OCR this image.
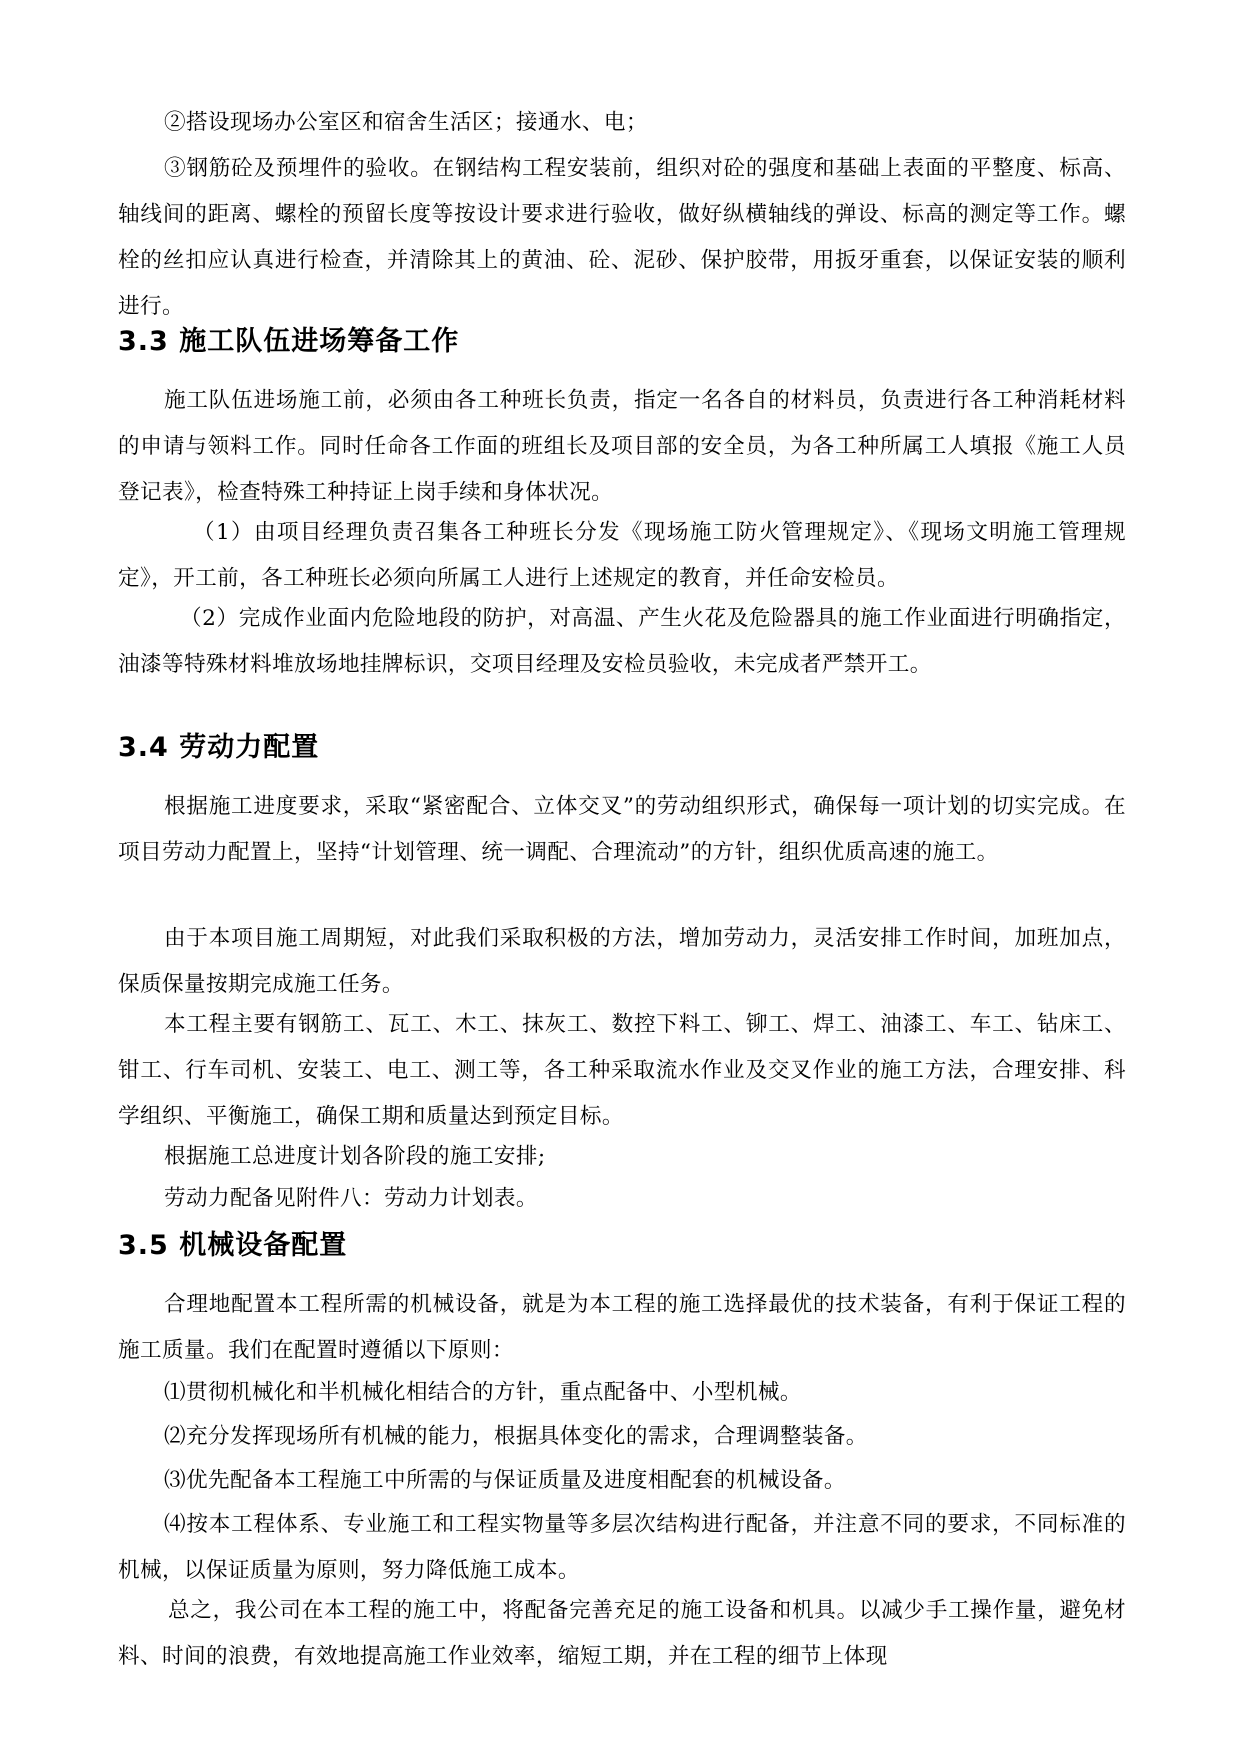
②搭设现场办公室区和宿舍生活区；接通水、电；

③钢筋砼及预埋件的验收。在钢结构工程安装前，组织对砼的强度和基础上表面的平整度、标高、轴线间的距离、螺栓的预留长度等按设计要求进行验收，做好纵横轴线的弹设、标高的测定等工作。螺栓的丝扣应认真进行检查，并清除其上的黄油、砼、泥砂、保护胶带，用扳牙重套，以保证安装的顺利进行。

3.3 施工队伍进场筹备工作

施工队伍进场施工前，必须由各工种班长负责，指定一名各自的材料员，负责进行各工种消耗材料的申请与领料工作。同时任命各工作面的班组长及项目部的安全员，为各工种所属工人填报《施工人员登记表》，检查特殊工种持证上岗手续和身体状况。

（1）由项目经理负责召集各工种班长分发《现场施工防火管理规定》、《现场文明施工管理规定》，开工前，各工种班长必须向所属工人进行上述规定的教育，并任命安检员。

（2）完成作业面内危险地段的防护，对高温、产生火花及危险器具的施工作业面进行明确指定，油漆等特殊材料堆放场地挂牌标识，交项目经理及安检员验收，未完成者严禁开工。

3.4 劳动力配置

根据施工进度要求，采取“紧密配合、立体交叉”的劳动组织形式，确保每一项计划的切实完成。在项目劳动力配置上，坚持“计划管理、统一调配、合理流动”的方针，组织优质高速的施工。

由于本项目施工周期短，对此我们采取积极的方法，增加劳动力，灵活安排工作时间，加班加点，保质保量按期完成施工任务。

本工程主要有钢筋工、瓦工、木工、抹灰工、数控下料工、铆工、焊工、油漆工、车工、钻床工、钳工、行车司机、安装工、电工、测工等，各工种采取流水作业及交叉作业的施工方法，合理安排、科学组织、平衡施工，确保工期和质量达到预定目标。

根据施工总进度计划各阶段的施工安排;

劳动力配备见附件八：劳动力计划表。

3.5 机械设备配置

合理地配置本工程所需的机械设备，就是为本工程的施工选择最优的技术装备，有利于保证工程的施工质量。我们在配置时遵循以下原则：

⑴贯彻机械化和半机械化相结合的方针，重点配备中、小型机械。

⑵充分发挥现场所有机械的能力，根据具体变化的需求，合理调整装备。

⑶优先配备本工程施工中所需的与保证质量及进度相配套的机械设备。

⑷按本工程体系、专业施工和工程实物量等多层次结构进行配备，并注意不同的要求，不同标准的机械，以保证质量为原则，努力降低施工成本。

总之，我公司在本工程的施工中，将配备完善充足的施工设备和机具。以减少手工操作量，避免材料、时间的浪费，有效地提高施工作业效率，缩短工期，并在工程的细节上体现
